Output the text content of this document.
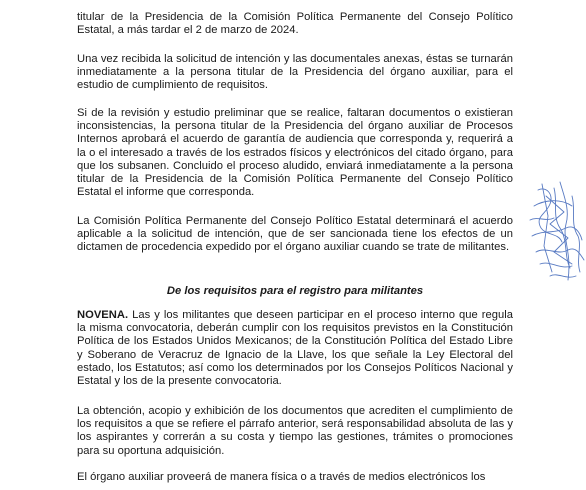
titular de la Presidencia de la Comisión Política Permanente del Consejo Político Estatal, a más tardar el 2 de marzo de 2024.

Una vez recibida la solicitud de intención y las documentales anexas, éstas se turnarán inmediatamente a la persona titular de la Presidencia del órgano auxiliar, para el estudio de cumplimiento de requisitos.

Si de la revisión y estudio preliminar que se realice, faltaran documentos o existieran inconsistencias, la persona titular de la Presidencia del órgano auxiliar de Procesos Internos aprobará el acuerdo de garantía de audiencia que corresponda y, requerirá a la o el interesado a través de los estrados físicos y electrónicos del citado órgano, para que los subsanen. Concluido el proceso aludido, enviará inmediatamente a la persona titular de la Presidencia de la Comisión Política Permanente del Consejo Político Estatal el informe que corresponda.

La Comisión Política Permanente del Consejo Político Estatal determinará el acuerdo aplicable a la solicitud de intención, que de ser sancionada tiene los efectos de un dictamen de procedencia expedido por el órgano auxiliar cuando se trate de militantes.

De los requisitos para el registro para militantes

NOVENA. Las y los militantes que deseen participar en el proceso interno que regula la misma convocatoria, deberán cumplir con los requisitos previstos en la Constitución Política de los Estados Unidos Mexicanos; de la Constitución Política del Estado Libre y Soberano de Veracruz de Ignacio de la Llave, los que señale la Ley Electoral del estado, los Estatutos; así como los determinados por los Consejos Políticos Nacional y Estatal y los de la presente convocatoria.

La obtención, acopio y exhibición de los documentos que acrediten el cumplimiento de los requisitos a que se refiere el párrafo anterior, será responsabilidad absoluta de las y los aspirantes y correrán a su costa y tiempo las gestiones, trámites o promociones para su oportuna adquisición.

El órgano auxiliar proveerá de manera física o a través de medios electrónicos los
